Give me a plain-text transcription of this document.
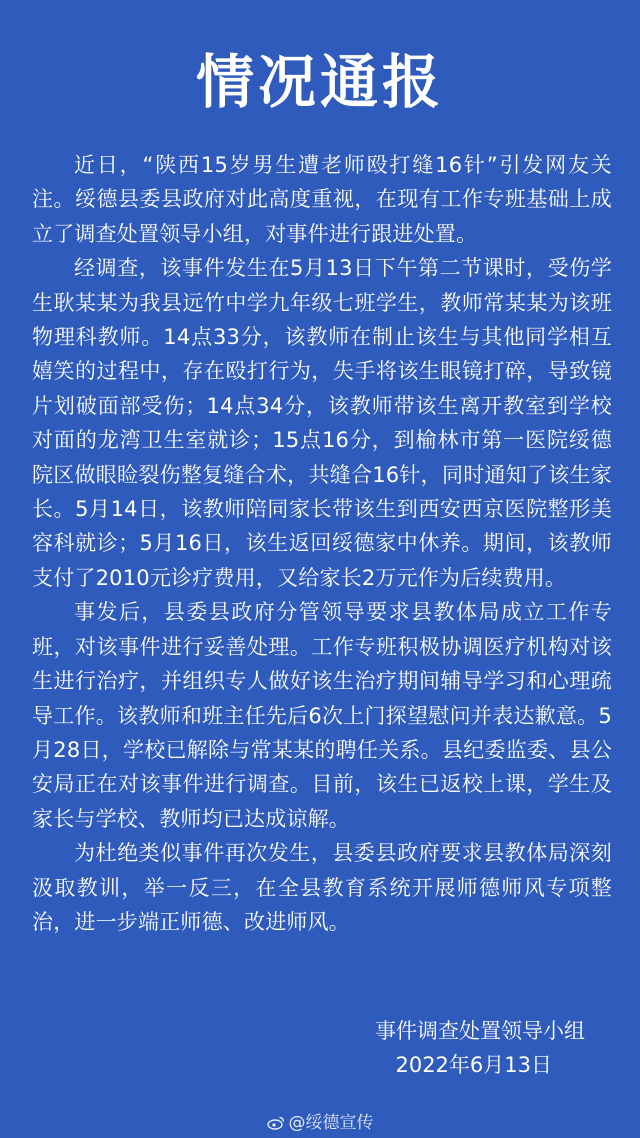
情况通报

近日，“陕西15岁男生遭老师殴打缝16针”引发网友关注。绥德县委县政府对此高度重视，在现有工作专班基础上成立了调查处置领导小组，对事件进行跟进处置。

经调查，该事件发生在5月13日下午第二节课时，受伤学生耿某某为我县远竹中学九年级七班学生，教师常某某为该班物理科教师。14点33分，该教师在制止该生与其他同学相互嬉笑的过程中，存在殴打行为，失手将该生眼镜打碎，导致镜片划破面部受伤；14点34分，该教师带该生离开教室到学校对面的龙湾卫生室就诊；15点16分，到榆林市第一医院绥德院区做眼睑裂伤整复缝合术，共缝合16针，同时通知了该生家长。5月14日，该教师陪同家长带该生到西安西京医院整形美容科就诊；5月16日，该生返回绥德家中休养。期间，该教师支付了2010元诊疗费用，又给家长2万元作为后续费用。

事发后，县委县政府分管领导要求县教体局成立工作专班，对该事件进行妥善处理。工作专班积极协调医疗机构对该生进行治疗，并组织专人做好该生治疗期间辅导学习和心理疏导工作。该教师和班主任先后6次上门探望慰问并表达歉意。5月28日，学校已解除与常某某的聘任关系。县纪委监委、县公安局正在对该事件进行调查。目前，该生已返校上课，学生及家长与学校、教师均已达成谅解。

为杜绝类似事件再次发生，县委县政府要求县教体局深刻汲取教训，举一反三，在全县教育系统开展师德师风专项整治，进一步端正师德、改进师风。

事件调查处置领导小组
2022年6月13日
@绥德宣传
